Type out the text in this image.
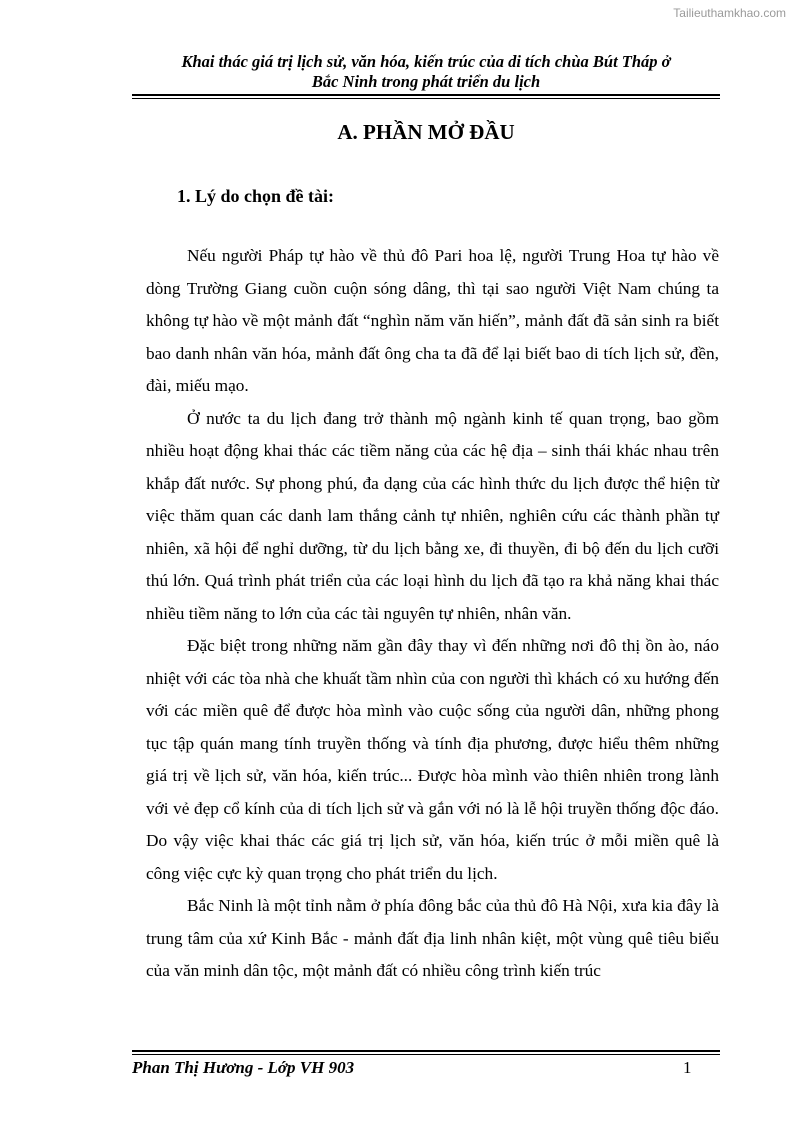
Tailieuthamkhao.com
Khai thác giá trị lịch sử, văn hóa, kiến trúc của di tích chùa Bút Tháp ở
Bắc Ninh trong phát triển du lịch
A. PHẦN MỞ ĐẦU
1. Lý do chọn đề tài:

Nếu người Pháp tự hào về thủ đô Pari hoa lệ, người Trung Hoa tự hào về dòng Trường Giang cuồn cuộn sóng dâng, thì tại sao người Việt Nam chúng ta không tự hào về một mảnh đất “nghìn năm văn hiến”, mảnh đất đã sản sinh ra biết bao danh nhân văn hóa, mảnh đất ông cha ta đã để lại biết bao di tích lịch sử, đền, đài, miếu mạo.

Ở nước ta du lịch đang trở thành mộ ngành kinh tế quan trọng, bao gồm nhiều hoạt động khai thác các tiềm năng của các hệ địa – sinh thái khác nhau trên khắp đất nước. Sự phong phú, đa dạng của các hình thức du lịch được thể hiện từ việc thăm quan các danh lam thắng cảnh tự nhiên, nghiên cứu các thành phần tự nhiên, xã hội để nghỉ dưỡng, từ du lịch bằng xe, đi thuyền, đi bộ đến du lịch cưỡi thú lớn. Quá trình phát triển của các loại hình du lịch đã tạo ra khả năng khai thác nhiều tiềm năng to lớn của các tài nguyên tự nhiên, nhân văn.

Đặc biệt trong những năm gần đây thay vì đến những nơi đô thị ồn ào, náo nhiệt với các tòa nhà che khuất tầm nhìn của con người thì khách có xu hướng đến với các miền quê để được hòa mình vào cuộc sống của người dân, những phong tục tập quán mang tính truyền thống và tính địa phương, được hiểu thêm những giá trị về lịch sử, văn hóa, kiến trúc... Được hòa mình vào thiên nhiên trong lành với vẻ đẹp cổ kính của di tích lịch sử và gắn với nó là lễ hội truyền thống độc đáo. Do vậy việc khai thác các giá trị lịch sử, văn hóa, kiến trúc ở mỗi miền quê là công việc cực kỳ quan trọng cho phát triển du lịch.

Bắc Ninh là một tỉnh nằm ở phía đông bắc của thủ đô Hà Nội, xưa kia đây là trung tâm của xứ Kinh Bắc - mảnh đất địa linh nhân kiệt, một vùng quê tiêu biểu của văn minh dân tộc, một mảnh đất có nhiều công trình kiến trúc

Phan Thị Hương - Lớp VH 903	1
